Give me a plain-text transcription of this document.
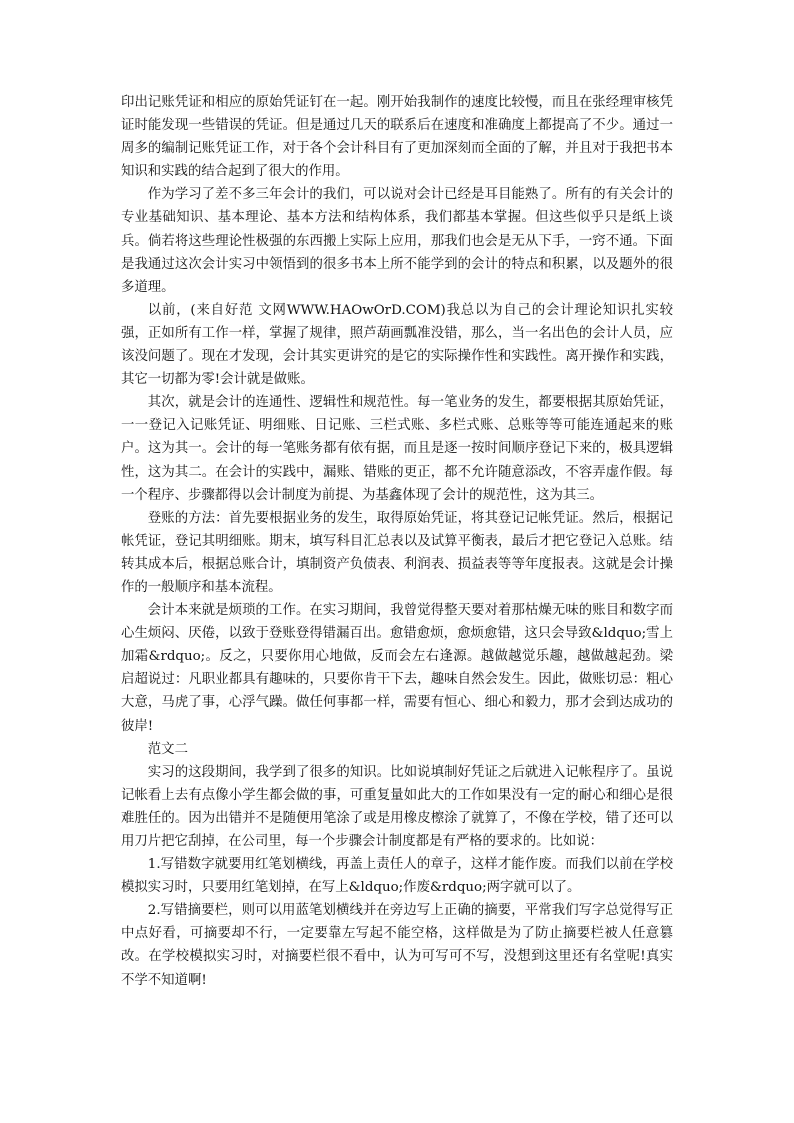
印出记账凭证和相应的原始凭证钉在一起。刚开始我制作的速度比较慢，而且在张经理审核凭证时能发现一些错误的凭证。但是通过几天的联系后在速度和准确度上都提高了不少。通过一周多的编制记账凭证工作，对于各个会计科目有了更加深刻而全面的了解，并且对于我把书本知识和实践的结合起到了很大的作用。

作为学习了差不多三年会计的我们，可以说对会计已经是耳目能熟了。所有的有关会计的专业基础知识、基本理论、基本方法和结构体系，我们都基本掌握。但这些似乎只是纸上谈兵。倘若将这些理论性极强的东西搬上实际上应用，那我们也会是无从下手，一窍不通。下面是我通过这次会计实习中领悟到的很多书本上所不能学到的会计的特点和积累，以及题外的很多道理。

以前，(来自好范 文网WWW.HAOwOrD.COM)我总以为自己的会计理论知识扎实较强，正如所有工作一样，掌握了规律，照芦葫画瓢准没错，那么，当一名出色的会计人员，应该没问题了。现在才发现，会计其实更讲究的是它的实际操作性和实践性。离开操作和实践，其它一切都为零!会计就是做账。

其次，就是会计的连通性、逻辑性和规范性。每一笔业务的发生，都要根据其原始凭证，一一登记入记账凭证、明细账、日记账、三栏式账、多栏式账、总账等等可能连通起来的账户。这为其一。会计的每一笔账务都有依有据，而且是逐一按时间顺序登记下来的，极具逻辑性，这为其二。在会计的实践中，漏账、错账的更正，都不允许随意添改，不容弄虚作假。每一个程序、步骤都得以会计制度为前提、为基鑫体现了会计的规范性，这为其三。

登账的方法：首先要根据业务的发生，取得原始凭证，将其登记记帐凭证。然后，根据记帐凭证，登记其明细账。期末，填写科目汇总表以及试算平衡表，最后才把它登记入总账。结转其成本后，根据总账合计，填制资产负债表、利润表、损益表等等年度报表。这就是会计操作的一般顺序和基本流程。

会计本来就是烦琐的工作。在实习期间，我曾觉得整天要对着那枯燥无味的账目和数字而心生烦闷、厌倦，以致于登账登得错漏百出。愈错愈烦，愈烦愈错，这只会导致&ldquo;雪上加霜&rdquo;。反之，只要你用心地做，反而会左右逢源。越做越觉乐趣，越做越起劲。梁启超说过：凡职业都具有趣味的，只要你肯干下去，趣味自然会发生。因此，做账切忌：粗心大意，马虎了事，心浮气躁。做任何事都一样，需要有恒心、细心和毅力，那才会到达成功的彼岸!

范文二

实习的这段期间，我学到了很多的知识。比如说填制好凭证之后就进入记帐程序了。虽说记帐看上去有点像小学生都会做的事，可重复量如此大的工作如果没有一定的耐心和细心是很难胜任的。因为出错并不是随便用笔涂了或是用橡皮檫涂了就算了，不像在学校，错了还可以用刀片把它刮掉，在公司里，每一个步骤会计制度都是有严格的要求的。比如说：

1.写错数字就要用红笔划横线，再盖上责任人的章子，这样才能作废。而我们以前在学校模拟实习时，只要用红笔划掉，在写上&ldquo;作废&rdquo;两字就可以了。

2.写错摘要栏，则可以用蓝笔划横线并在旁边写上正确的摘要，平常我们写字总觉得写正中点好看，可摘要却不行，一定要靠左写起不能空格，这样做是为了防止摘要栏被人任意篡改。在学校模拟实习时，对摘要栏很不看中，认为可写可不写，没想到这里还有名堂呢!真实不学不知道啊!
